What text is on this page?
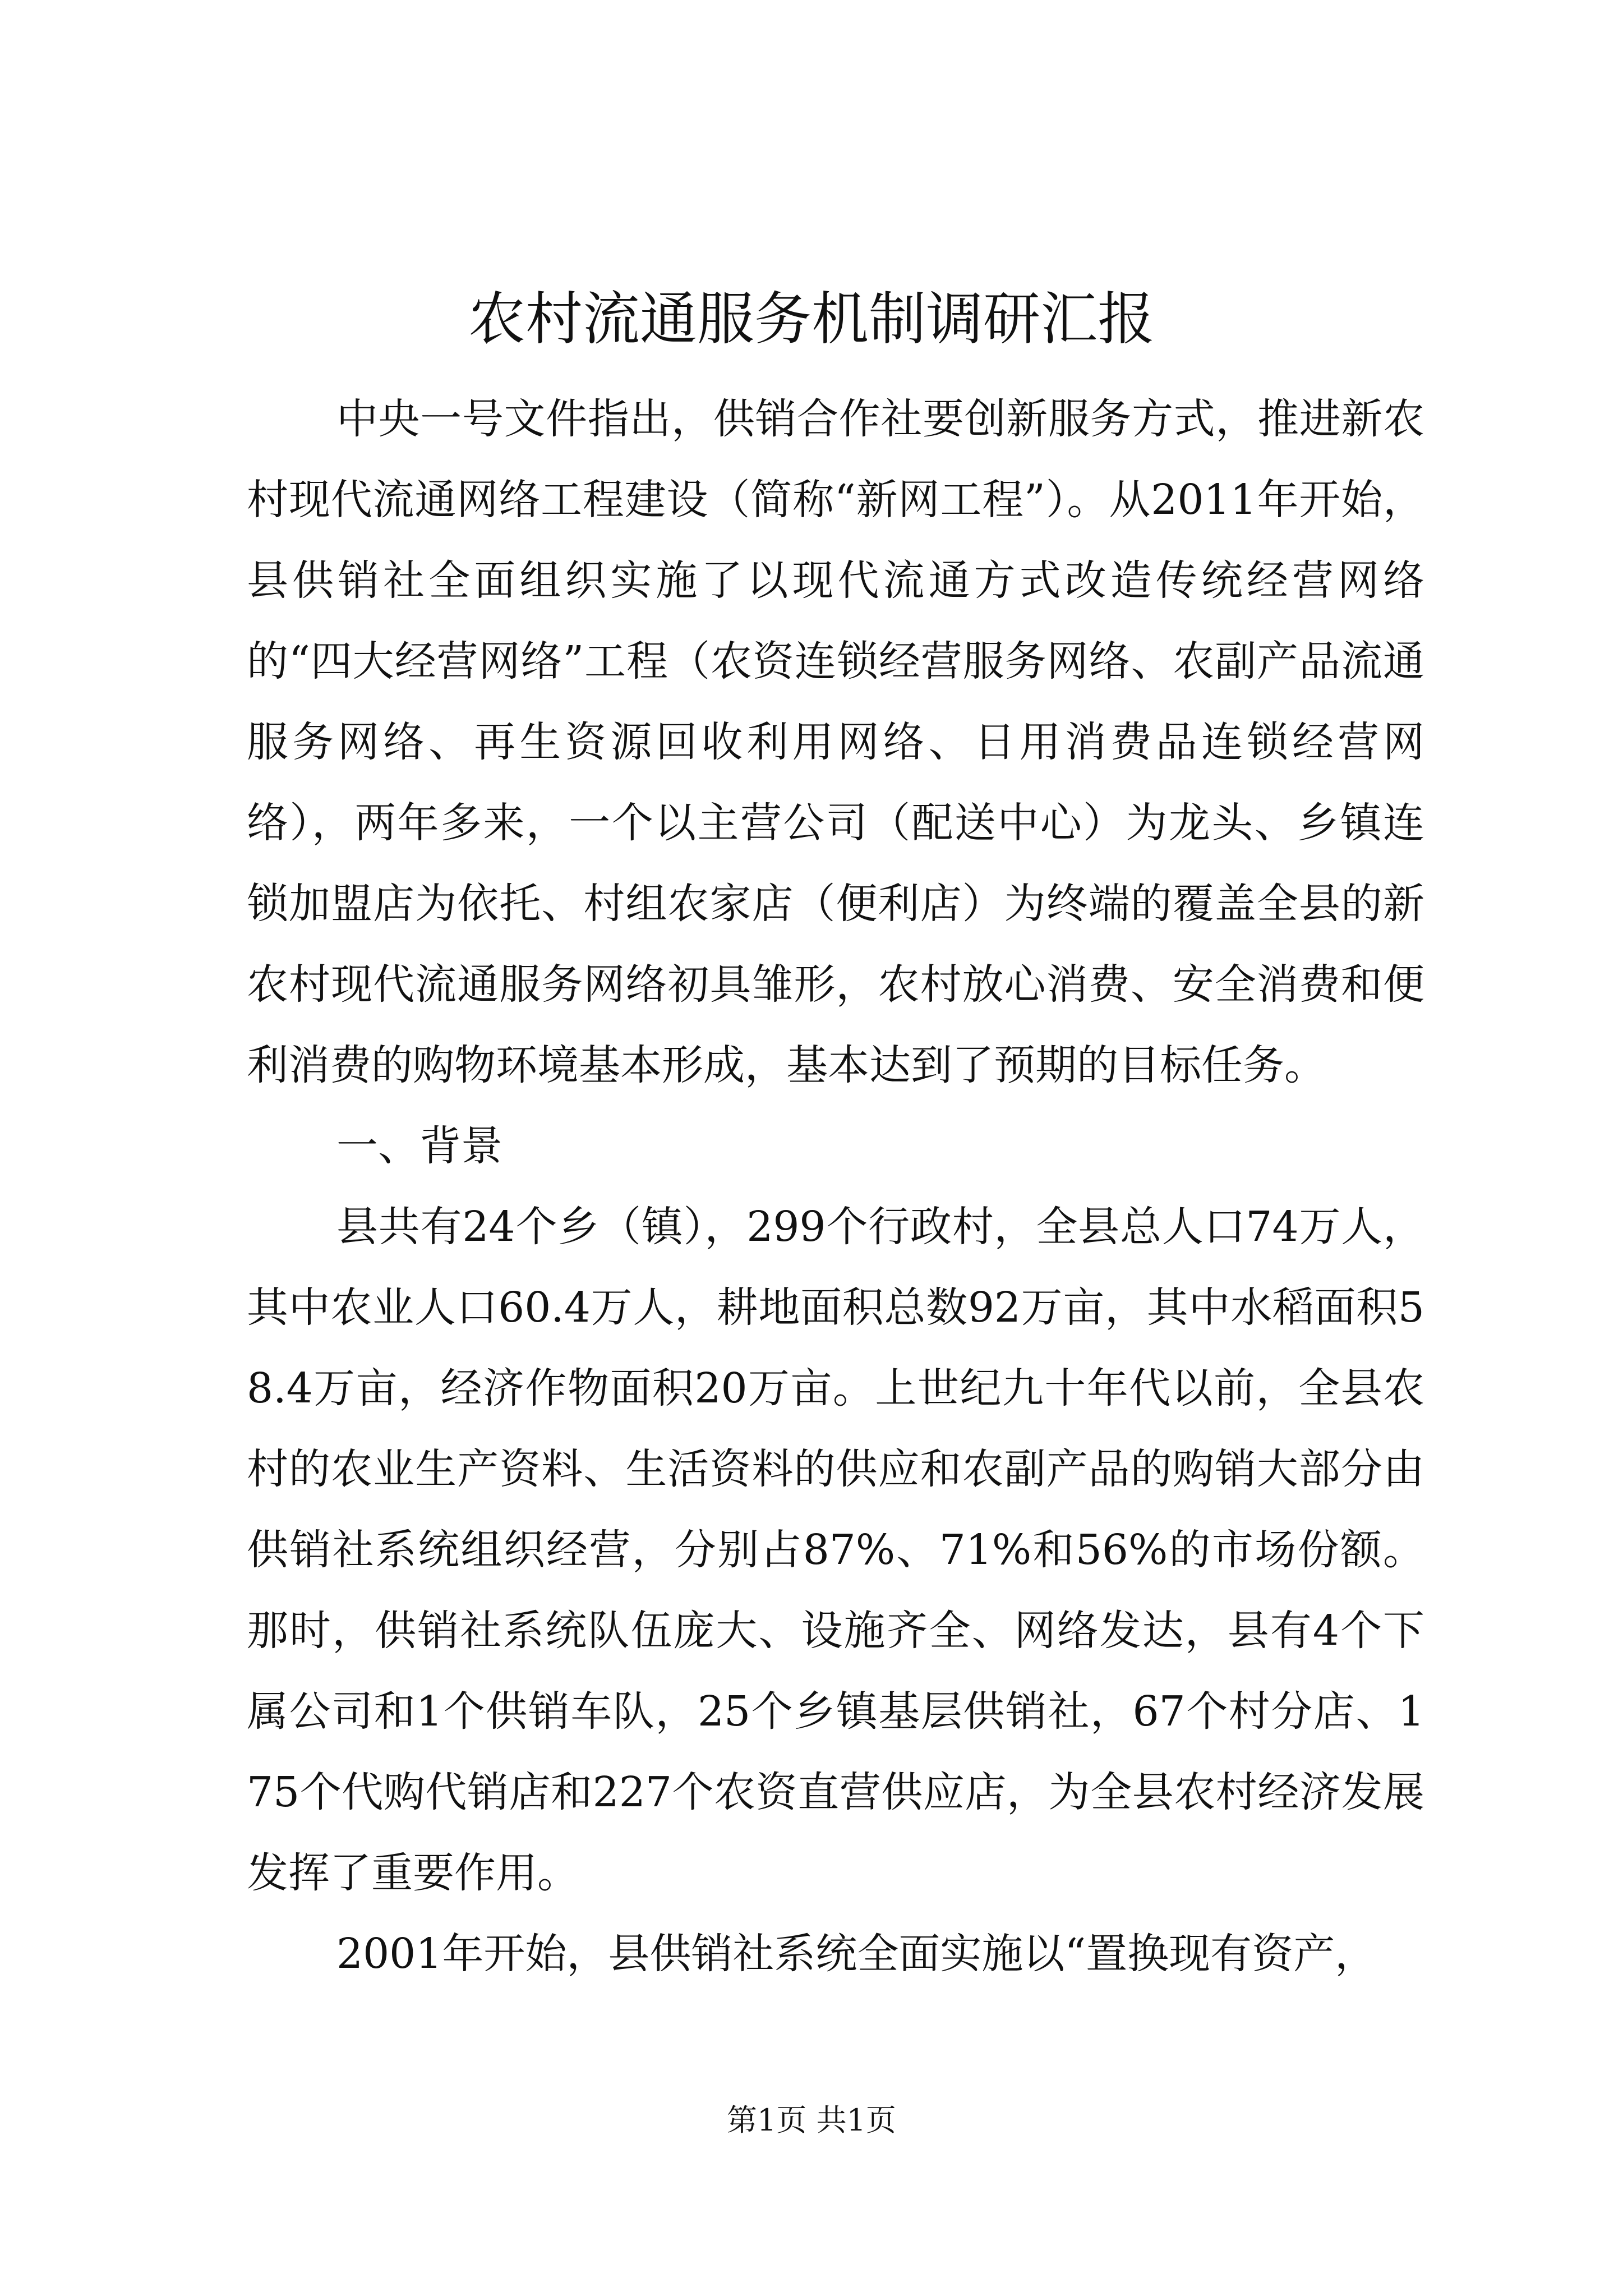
农村流通服务机制调研汇报

中央一号文件指出，供销合作社要创新服务方式，推进新农村现代流通网络工程建设（简称“新网工程”）。从2011年开始，县供销社全面组织实施了以现代流通方式改造传统经营网络的“四大经营网络”工程（农资连锁经营服务网络、农副产品流通服务网络、再生资源回收利用网络、日用消费品连锁经营网络），两年多来，一个以主营公司（配送中心）为龙头、乡镇连锁加盟店为依托、村组农家店（便利店）为终端的覆盖全县的新农村现代流通服务网络初具雏形，农村放心消费、安全消费和便利消费的购物环境基本形成，基本达到了预期的目标任务。

一、背景

县共有24个乡（镇），299个行政村，全县总人口74万人，其中农业人口60.4万人，耕地面积总数92万亩，其中水稻面积58.4万亩，经济作物面积20万亩。上世纪九十年代以前，全县农村的农业生产资料、生活资料的供应和农副产品的购销大部分由供销社系统组织经营，分别占87%、71%和56%的市场份额。那时，供销社系统队伍庞大、设施齐全、网络发达，县有4个下属公司和1个供销车队，25个乡镇基层供销社，67个村分店、175个代购代销店和227个农资直营供应店，为全县农村经济发展发挥了重要作用。

2001年开始，县供销社系统全面实施以“置换现有资产，

第1页 共1页
